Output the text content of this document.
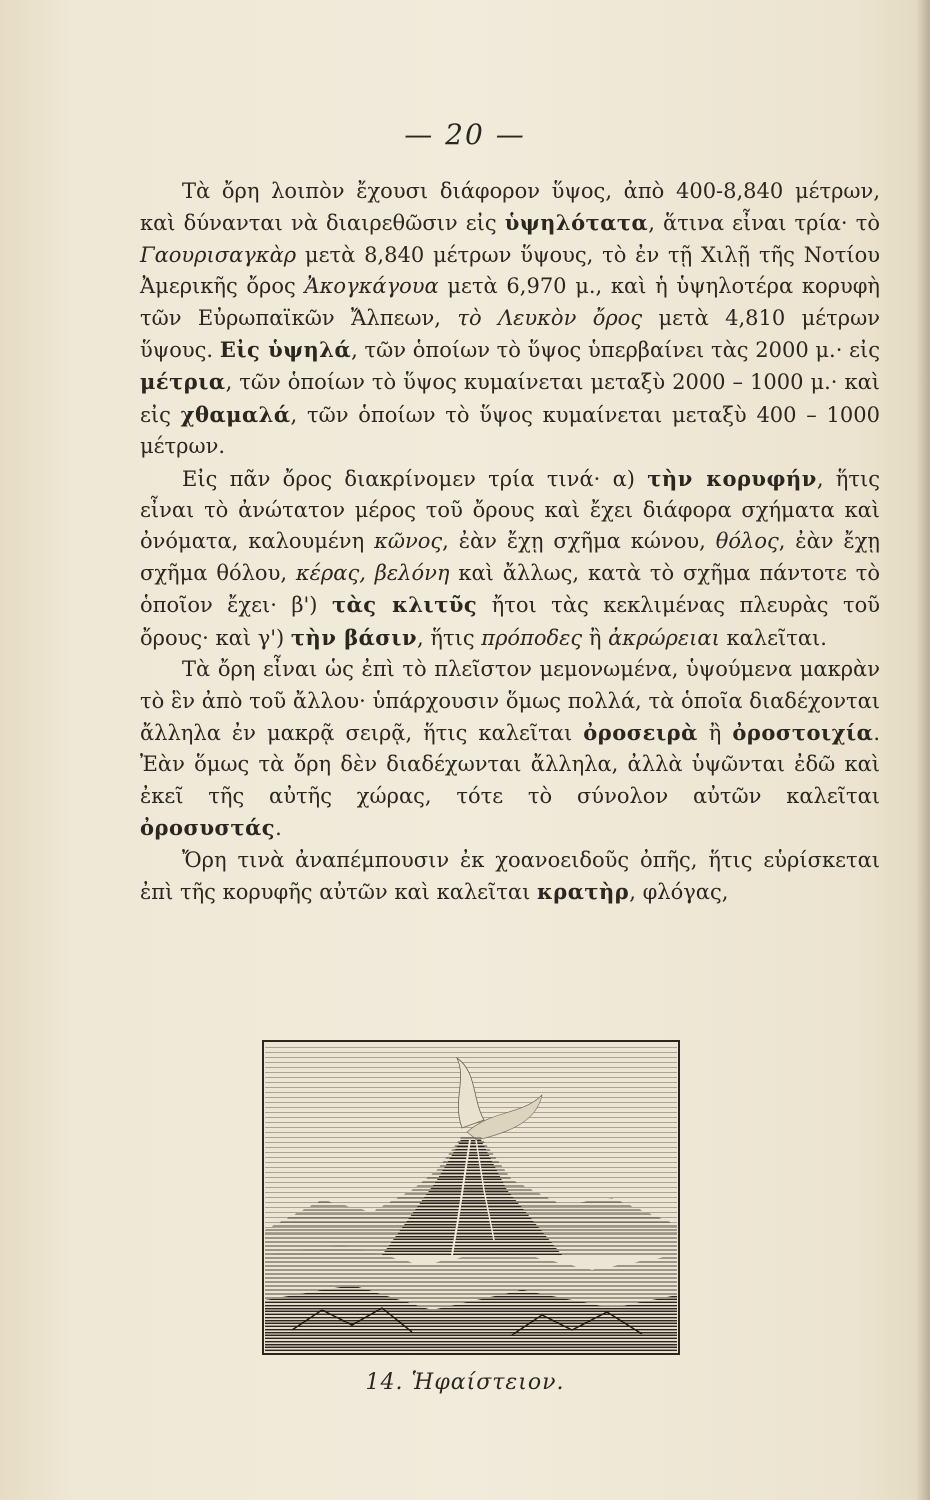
— 20 —

Τὰ ὄρη λοιπὸν ἔχουσι διάφορον ὕψος, ἀπὸ 400-8,840 μέτρων, καὶ δύνανται νὰ διαιρεθῶσιν εἰς ὑψηλότατα, ἅτινα εἶναι τρία· τὸ Γαουρισαγκὰρ μετὰ 8,840 μέτρων ὕψους, τὸ ἐν τῇ Χιλῇ τῆς Νοτίου Ἀμερικῆς ὄρος Ἀκογκάγουα μετὰ 6,970 μ., καὶ ἡ ὑψηλοτέρα κορυφὴ τῶν Εὐρωπαϊκῶν Ἄλπεων, τὸ Λευκὸν ὄρος μετὰ 4,810 μέτρων ὕψους. Εἰς ὑψηλά, τῶν ὁποίων τὸ ὕψος ὑπερβαίνει τὰς 2000 μ.· εἰς μέτρια, τῶν ὁποίων τὸ ὕψος κυμαίνεται μεταξὺ 2000 – 1000 μ.· καὶ εἰς χθαμαλά, τῶν ὁποίων τὸ ὕψος κυμαίνεται μεταξὺ 400 – 1000 μέτρων.

Εἰς πᾶν ὄρος διακρίνομεν τρία τινά· α) τὴν κορυφήν, ἥτις εἶναι τὸ ἀνώτατον μέρος τοῦ ὄρους καὶ ἔχει διάφορα σχήματα καὶ ὀνόματα, καλουμένη κῶνος, ἐὰν ἔχῃ σχῆμα κώνου, θόλος, ἐὰν ἔχῃ σχῆμα θόλου, κέρας, βελόνη καὶ ἄλλως, κατὰ τὸ σχῆμα πάντοτε τὸ ὁποῖον ἔχει· β') τὰς κλιτῦς ἤτοι τὰς κεκλιμένας πλευρὰς τοῦ ὄρους· καὶ γ') τὴν βάσιν, ἥτις πρόποδες ἢ ἀκρώρειαι καλεῖται.

Τὰ ὄρη εἶναι ὡς ἐπὶ τὸ πλεῖστον μεμονωμένα, ὑψούμενα μακρὰν τὸ ἓν ἀπὸ τοῦ ἄλλου· ὑπάρχουσιν ὅμως πολλά, τὰ ὁποῖα διαδέχονται ἄλληλα ἐν μακρᾷ σειρᾷ, ἥτις καλεῖται ὀροσειρὰ ἢ ὀροστοιχία. Ἐὰν ὅμως τὰ ὄρη δὲν διαδέχωνται ἄλληλα, ἀλλὰ ὑψῶνται ἐδῶ καὶ ἐκεῖ τῆς αὐτῆς χώρας, τότε τὸ σύνολον αὐτῶν καλεῖται ὀροσυστάς.

Ὄρη τινὰ ἀναπέμπουσιν ἐκ χοανοειδοῦς ὀπῆς, ἥτις εὑρίσκεται ἐπὶ τῆς κορυφῆς αὐτῶν καὶ καλεῖται κρατὴρ, φλόγας,

14. Ἡφαίστειον.
